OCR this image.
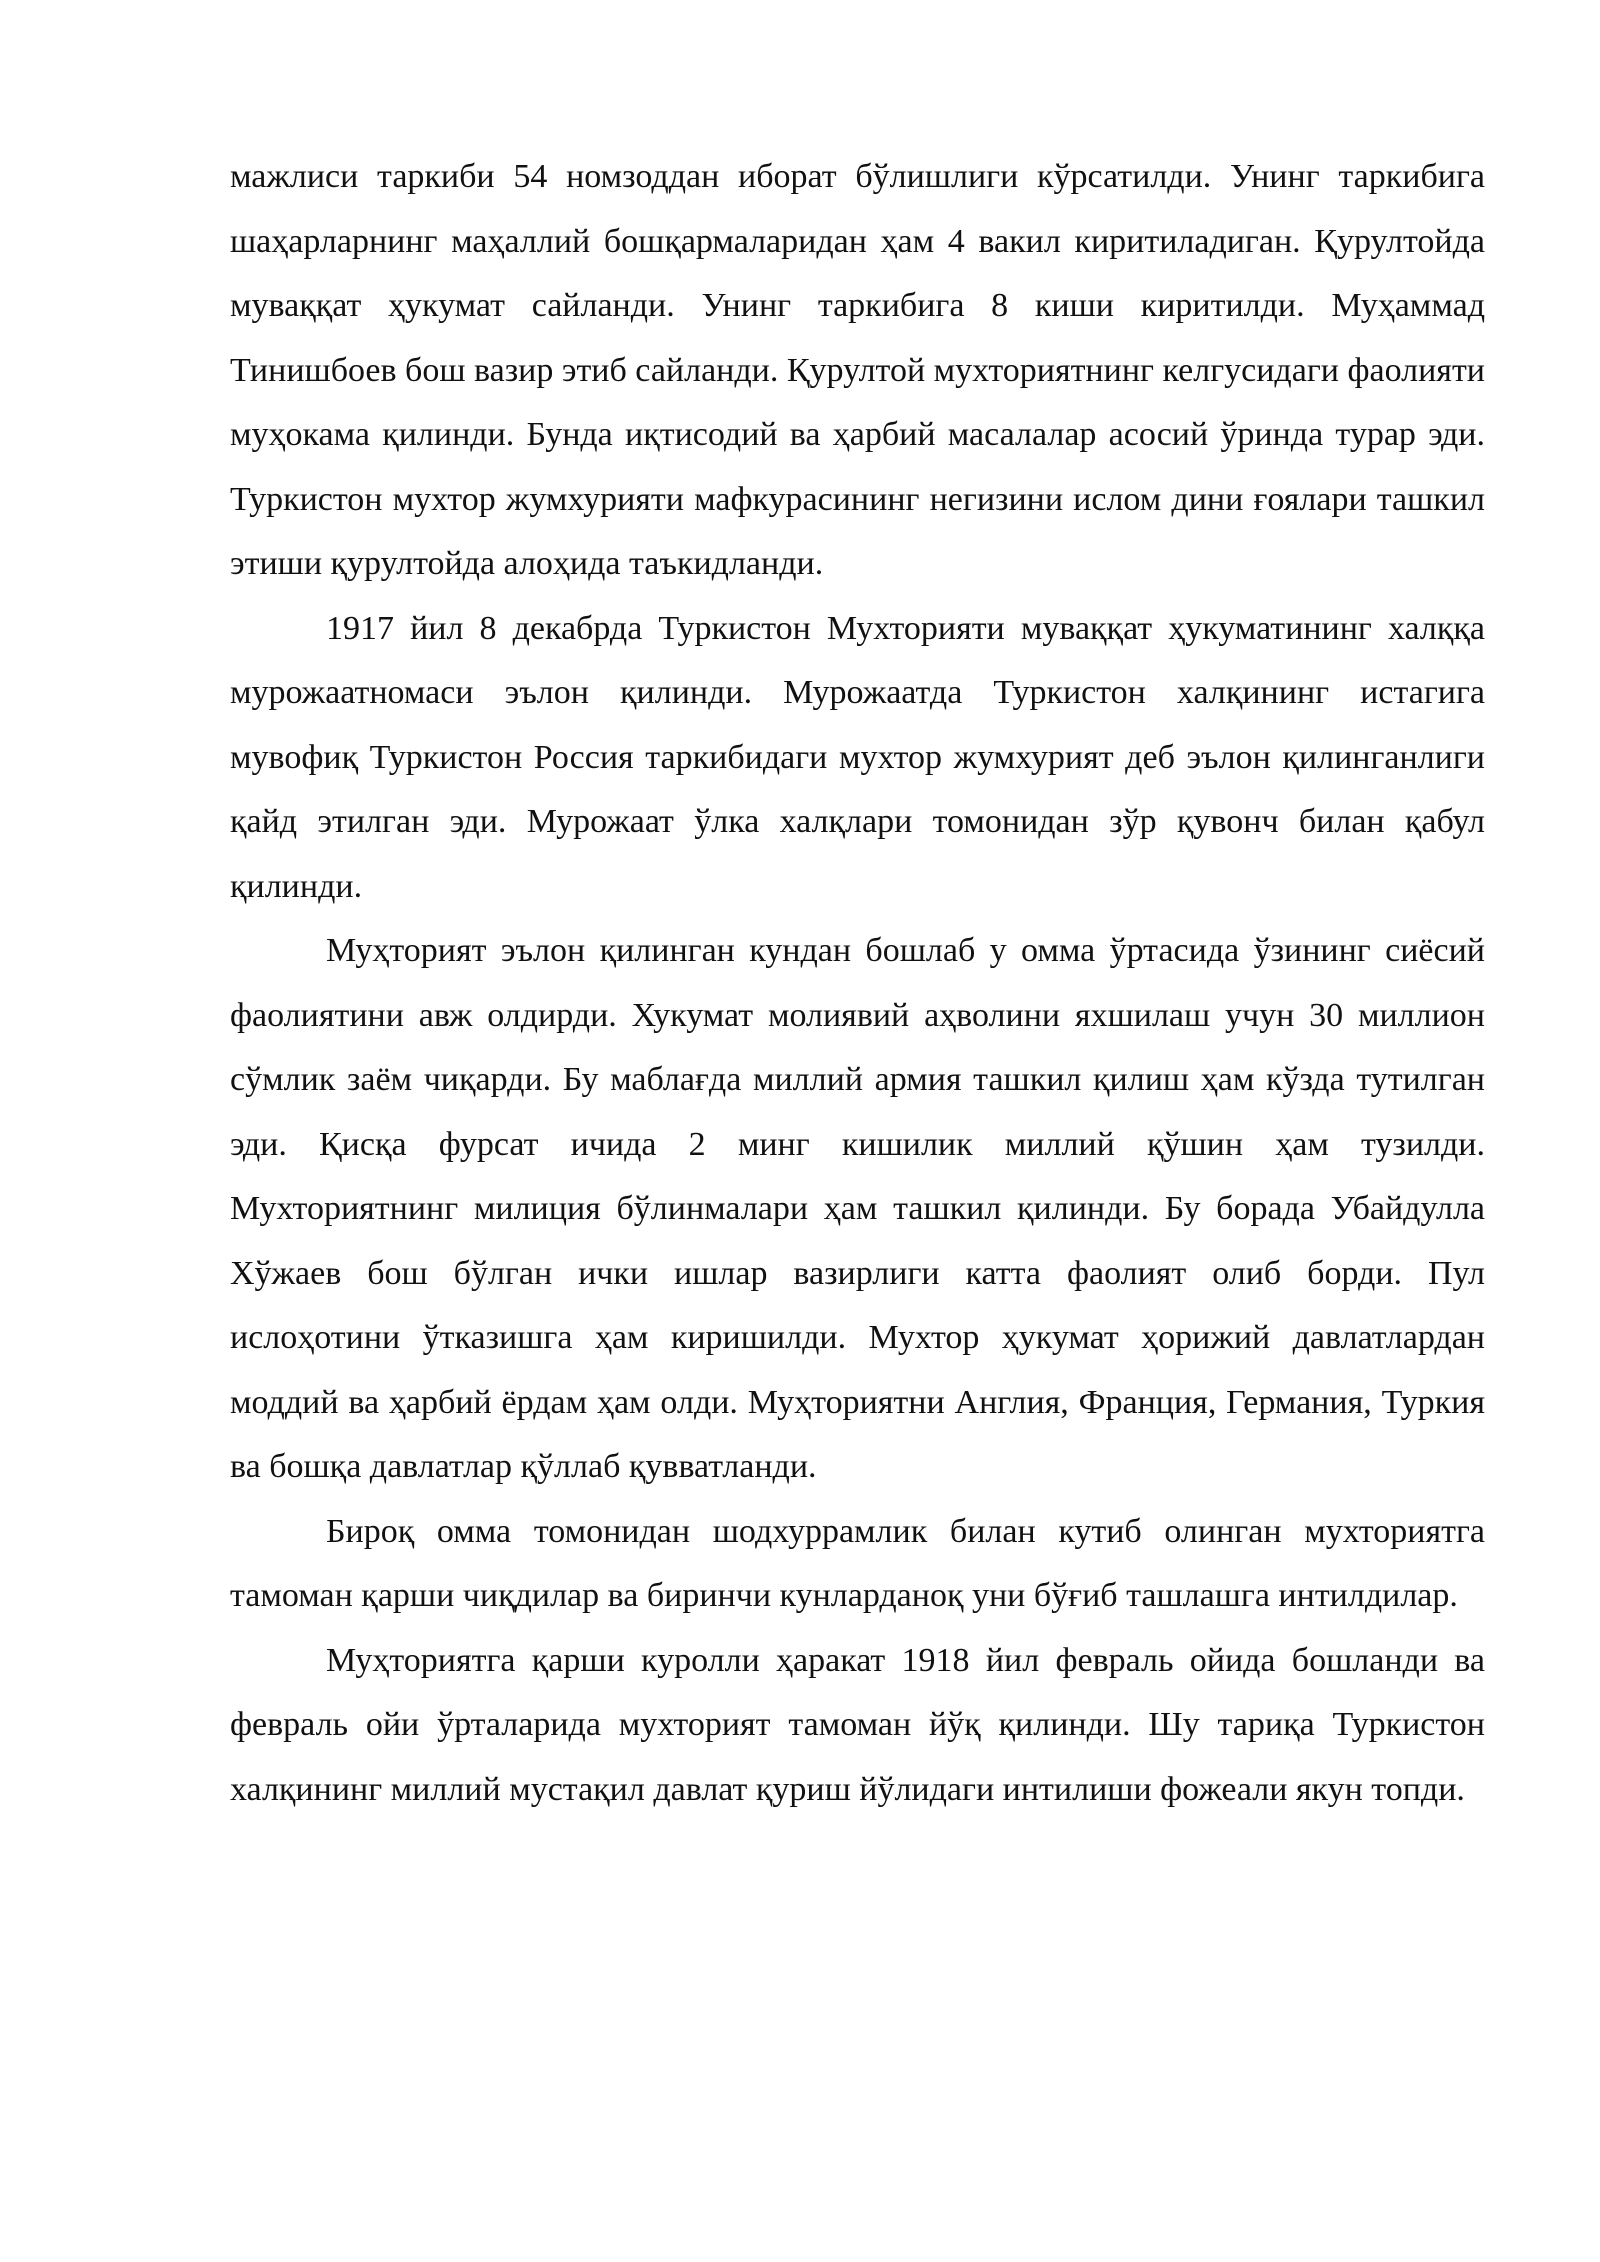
мажлиси таркиби 54 номзоддан иборат бўлишлиги кўрсатилди. Унинг таркибига шаҳарларнинг маҳаллий бошқармаларидан ҳам 4 вакил киритиладиган. Қурултойда муваққат ҳукумат сайланди. Унинг таркибига 8 киши киритилди. Муҳаммад Тинишбоев бош вазир этиб сайланди. Қурултой мухториятнинг келгусидаги фаолияти муҳокама қилинди. Бунда иқтисодий ва ҳарбий масалалар асосий ўринда турар эди. Туркистон мухтор жумхурияти мафкурасининг негизини ислом дини ғоялари ташкил этиши қурултойда алоҳида таъкидланди.

1917 йил 8 декабрда Туркистон Мухторияти муваққат ҳукуматининг халққа мурожаатномаси эълон қилинди. Мурожаатда Туркистон халқининг истагига мувофиқ Туркистон Россия таркибидаги мухтор жумхурият деб эълон қилинганлиги қайд этилган эди. Мурожаат ўлка халқлари томонидан зўр қувонч билан қабул қилинди.

Муҳторият эълон қилинган кундан бошлаб у омма ўртасида ўзининг сиёсий фаолиятини авж олдирди. Хукумат молиявий аҳволини яхшилаш учун 30 миллион сўмлик заём чиқарди. Бу маблағда миллий армия ташкил қилиш ҳам кўзда тутилган эди. Қисқа фурсат ичида 2 минг кишилик миллий қўшин ҳам тузилди. Мухториятнинг милиция бўлинмалари ҳам ташкил қилинди. Бу борада Убайдулла Хўжаев бош бўлган ички ишлар вазирлиги катта фаолият олиб борди. Пул ислоҳотини ўтказишга ҳам киришилди. Мухтор ҳукумат ҳорижий давлатлардан моддий ва ҳарбий ёрдам ҳам олди. Муҳториятни Англия, Франция, Германия, Туркия ва бошқа давлатлар қўллаб қувватланди.

Бироқ омма томонидан шодхуррамлик билан кутиб олинган мухториятга тамоман қарши чиқдилар ва биринчи кунларданоқ уни бўғиб ташлашга интилдилар.

Муҳториятга қарши куролли ҳаракат 1918 йил февраль ойида бошланди ва февраль ойи ўрталарида мухторият тамоман йўқ қилинди. Шу тариқа Туркистон халқининг миллий мустақил давлат қуриш йўлидаги интилиши фожеали якун топди.
